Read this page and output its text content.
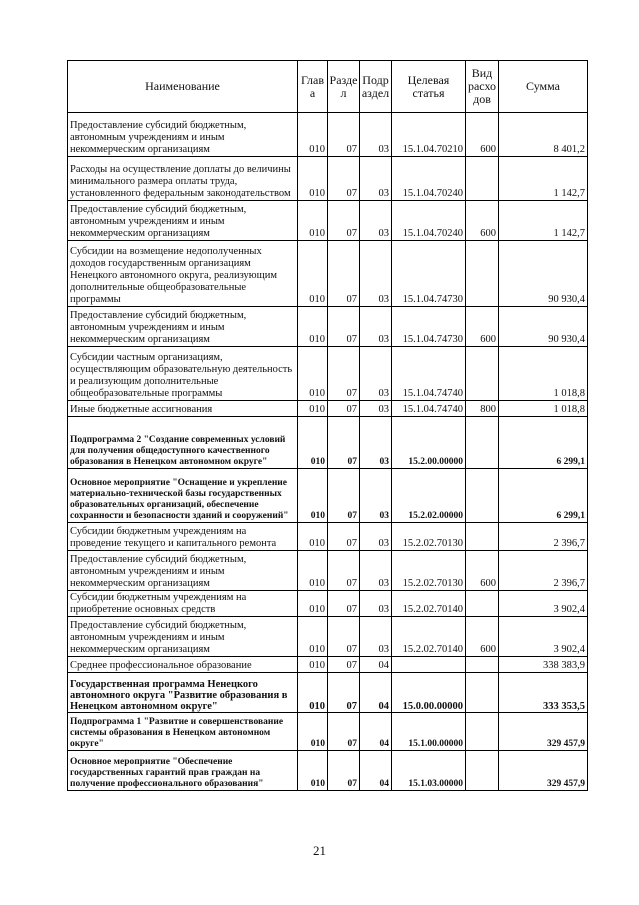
Наименование	Глав а	Разде л	Подр аздел	Целевая статья	Вид расхо дов	Сумма
Предоставление субсидий бюджетным, автономным учреждениям и иным некоммерческим организациям	010	07	03	15.1.04.70210	600	8 401,2
Расходы на осуществление доплаты до величины минимального размера оплаты труда, установленного федеральным законодательством	010	07	03	15.1.04.70240		1 142,7
Предоставление субсидий бюджетным, автономным учреждениям и иным некоммерческим организациям	010	07	03	15.1.04.70240	600	1 142,7
Субсидии на возмещение недополученных доходов государственным организациям Ненецкого автономного округа, реализующим дополнительные общеобразовательные программы	010	07	03	15.1.04.74730		90 930,4
Предоставление субсидий бюджетным, автономным учреждениям и иным некоммерческим организациям	010	07	03	15.1.04.74730	600	90 930,4
Субсидии частным организациям, осуществляющим образовательную деятельность и реализующим дополнительные общеобразовательные программы	010	07	03	15.1.04.74740		1 018,8
Иные бюджетные ассигнования	010	07	03	15.1.04.74740	800	1 018,8
Подпрограмма 2 "Создание современных условий для получения общедоступного качественного образования в Ненецком автономном округе"	010	07	03	15.2.00.00000		6 299,1
Основное мероприятие "Оснащение и укрепление материально-технической базы государственных образовательных организаций, обеспечение сохранности и безопасности зданий и сооружений"	010	07	03	15.2.02.00000		6 299,1
Субсидии бюджетным учреждениям на проведение текущего и капитального ремонта	010	07	03	15.2.02.70130		2 396,7
Предоставление субсидий бюджетным, автономным учреждениям и иным некоммерческим организациям	010	07	03	15.2.02.70130	600	2 396,7
Субсидии бюджетным учреждениям на приобретение основных средств	010	07	03	15.2.02.70140		3 902,4
Предоставление субсидий бюджетным, автономным учреждениям и иным некоммерческим организациям	010	07	03	15.2.02.70140	600	3 902,4
Среднее профессиональное образование	010	07	04			338 383,9
Государственная программа Ненецкого автономного округа "Развитие образования в Ненецком автономном округе"	010	07	04	15.0.00.00000		333 353,5
Подпрограмма 1 "Развитие и совершенствование системы образования в Ненецком автономном округе"	010	07	04	15.1.00.00000		329 457,9
Основное мероприятие "Обеспечение государственных гарантий прав граждан на получение профессионального образования"	010	07	04	15.1.03.00000		329 457,9
21
